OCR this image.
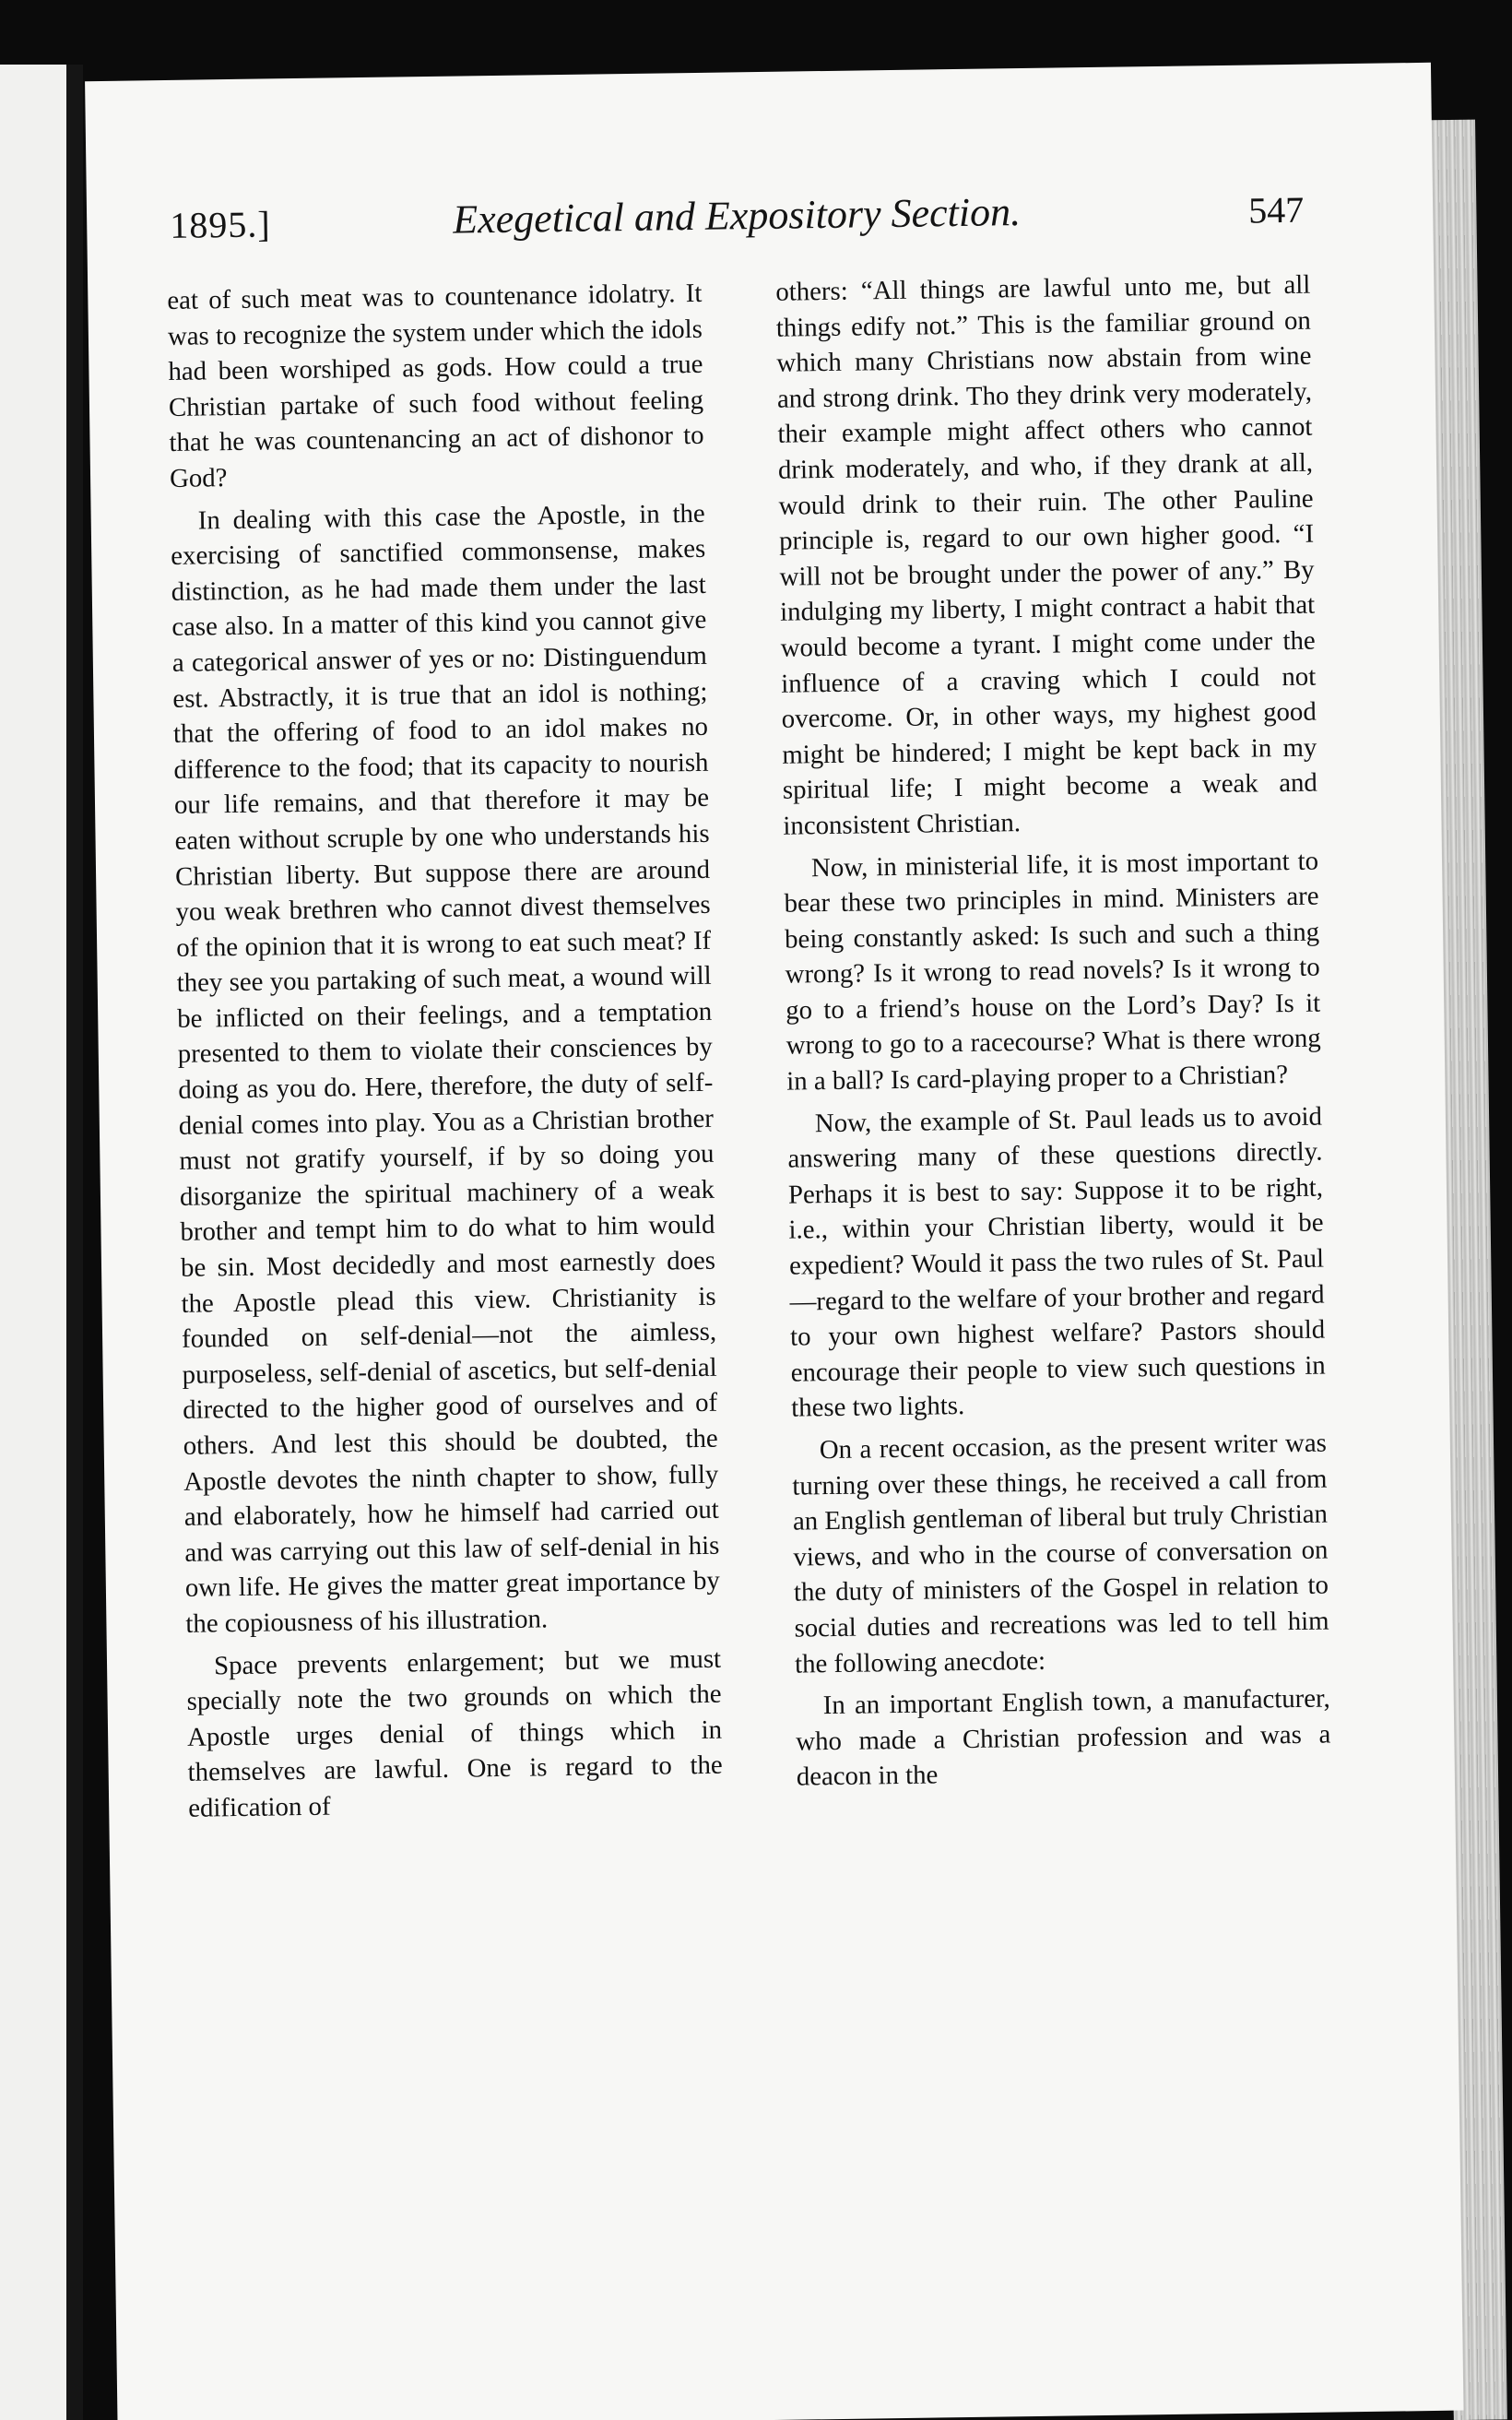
1895.]	Exegetical and Expository Section.	547

eat of such meat was to countenance idolatry. It was to recognize the system under which the idols had been worshiped as gods. How could a true Christian partake of such food without feeling that he was countenancing an act of dishonor to God?

In dealing with this case the Apostle, in the exercising of sanctified commonsense, makes distinction, as he had made them under the last case also. In a matter of this kind you cannot give a categorical answer of yes or no: Distinguendum est. Abstractly, it is true that an idol is nothing; that the offering of food to an idol makes no difference to the food; that its capacity to nourish our life remains, and that therefore it may be eaten without scruple by one who understands his Christian liberty. But suppose there are around you weak brethren who cannot divest themselves of the opinion that it is wrong to eat such meat? If they see you partaking of such meat, a wound will be inflicted on their feelings, and a temptation presented to them to violate their consciences by doing as you do. Here, therefore, the duty of self-denial comes into play. You as a Christian brother must not gratify yourself, if by so doing you disorganize the spiritual machinery of a weak brother and tempt him to do what to him would be sin. Most decidedly and most earnestly does the Apostle plead this view. Christianity is founded on self-denial—not the aimless, purposeless, self-denial of ascetics, but self-denial directed to the higher good of ourselves and of others. And lest this should be doubted, the Apostle devotes the ninth chapter to show, fully and elaborately, how he himself had carried out and was carrying out this law of self-denial in his own life. He gives the matter great importance by the copiousness of his illustration.

Space prevents enlargement; but we must specially note the two grounds on which the Apostle urges denial of things which in themselves are lawful. One is regard to the edification of

others: “All things are lawful unto me, but all things edify not.” This is the familiar ground on which many Christians now abstain from wine and strong drink. Tho they drink very moderately, their example might affect others who cannot drink moderately, and who, if they drank at all, would drink to their ruin. The other Pauline principle is, regard to our own higher good. “I will not be brought under the power of any.” By indulging my liberty, I might contract a habit that would become a tyrant. I might come under the influence of a craving which I could not overcome. Or, in other ways, my highest good might be hindered; I might be kept back in my spiritual life; I might become a weak and inconsistent Christian.

Now, in ministerial life, it is most important to bear these two principles in mind. Ministers are being constantly asked: Is such and such a thing wrong? Is it wrong to read novels? Is it wrong to go to a friend’s house on the Lord’s Day? Is it wrong to go to a racecourse? What is there wrong in a ball? Is card-playing proper to a Christian?

Now, the example of St. Paul leads us to avoid answering many of these questions directly. Perhaps it is best to say: Suppose it to be right, i.e., within your Christian liberty, would it be expedient? Would it pass the two rules of St. Paul—regard to the welfare of your brother and regard to your own highest welfare? Pastors should encourage their people to view such questions in these two lights.

On a recent occasion, as the present writer was turning over these things, he received a call from an English gentleman of liberal but truly Christian views, and who in the course of conversation on the duty of ministers of the Gospel in relation to social duties and recreations was led to tell him the following anecdote:

In an important English town, a manufacturer, who made a Christian profession and was a deacon in the
